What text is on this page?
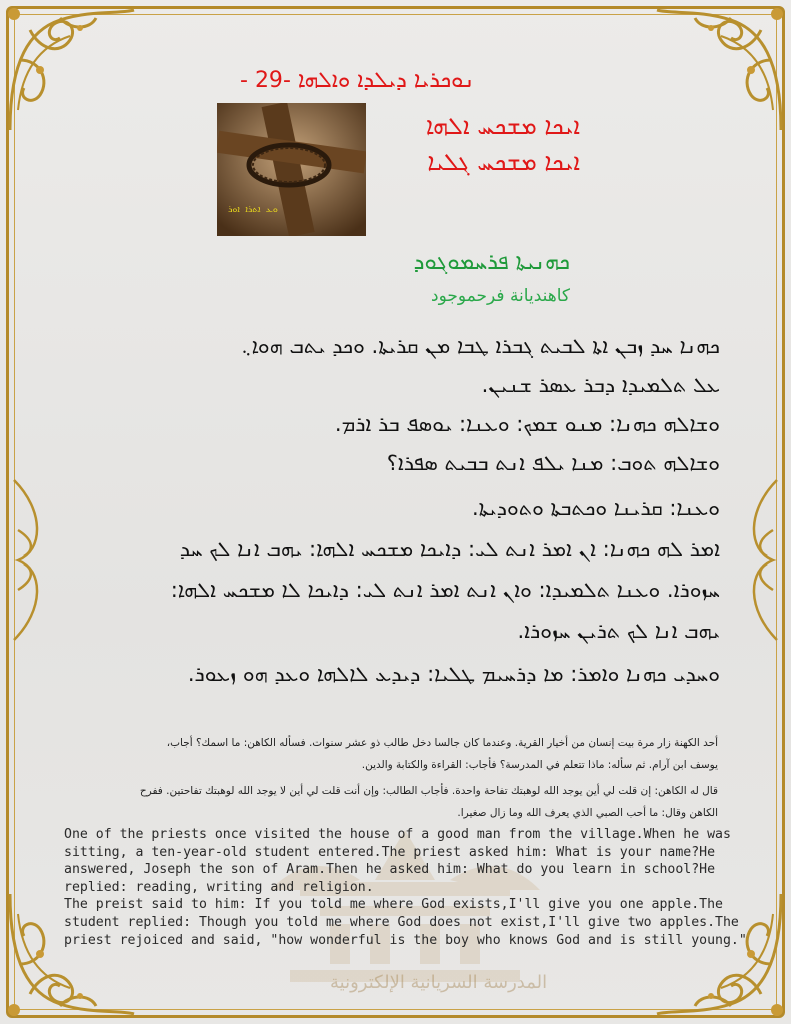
المدرسة السريانية الإلكترونية
ܢܘܟܪܝܐ ܕܝܠܕܐ ܘܐܠܗܐ -29 -
ܐܝܟܐ ܡܫܟܚ ܐܠܗܐ
ܐܝܟܐ ܡܫܟܚ ܓܠܝܐ
ܘܥ ܐܬܪܐ ܐܘܪ
ܟܗܢܝܬܐ ܦܪܚܡܘܓܘܕ
كاهنديانة فرحموجود
ܟܗܢܐ ܚܕ ܙܒܢ ܐܬܐ ܠܒܝܬ ܓܒܪܐ ܛܒܐ ܡܢ ܩܪܝܬܐ. ܘܟܕ ܝܬܒ ܗܘܐ܆
ܥܠ ܬܠܡܝܕܐ ܕܒܪ ܥܣܪ ܫܢܝܢ.
ܘܫܐܠܗ ܟܗܢܐ: ܡܢܘ ܫܡܟ: ܘܥܢܐ: ܝܘܣܦ ܒܪ ܐܪܡ.
ܘܫܐܠܗ ܬܘܒ: ܡܢܐ ܝܠܦ ܐܢܬ ܒܒܝܬ ܣܦܪܐ؟
ܘܥܢܐ: ܩܪܝܢܐ ܘܟܬܒܬܐ ܘܬܘܕܝܬܐ.
ܐܡܪ ܠܗ ܟܗܢܐ: ܐܢ ܐܡܪ ܐܢܬ ܠܝ: ܕܐܝܟܐ ܡܫܟܚ ܐܠܗܐ: ܝܗܒ ܐܢܐ ܠܟ ܚܕ
ܚܙܘܪܐ. ܘܥܢܐ ܬܠܡܝܕܐ: ܘܐܢ ܐܢܬ ܐܡܪ ܐܢܬ ܠܝ: ܕܐܝܟܐ ܠܐ ܡܫܟܚ ܐܠܗܐ:
ܝܗܒ ܐܢܐ ܠܟ ܬܪܝܢ ܚܙܘܪܐ.
ܘܚܕܝ ܟܗܢܐ ܘܐܡܪ: ܡܐ ܕܪܚܝܡ ܛܠܝܐ: ܕܝܕܥ ܠܐܠܗܐ ܘܥܕ ܗܘ ܙܥܘܪ.
أحد الكهنة زار مرة بيت إنسان من أخيار القرية. وعندما كان جالسا دخل طالب ذو عشر سنوات. فسأله الكاهن: ما اسمك؟ أجاب،
يوسف ابن آرام. ثم سأله: ماذا تتعلم في المدرسة؟ فأجاب: القراءة والكتابة والدين.
قال له الكاهن: إن قلت لي أين يوجد الله لوهبتك تفاحة واحدة. فأجاب الطالب: وإن أنت قلت لي أين لا يوجد الله لوهبتك تفاحتين. ففرح
الكاهن وقال: ما أحب الصبي الذي يعرف الله وما زال صغيرا.

One of the priests once visited the house of a good man from the village.When he was sitting, a ten-year-old student entered.The priest asked him: What is your name?He answered, Joseph the son of Aram.Then he asked him: What do you learn in school?He replied: reading, writing and religion.

The preist said to him: If you told me where God exists,I'll give you one apple.The student replied: Though you told me where God does not exist,I'll give two apples.The priest rejoiced and said, "how wonderful is the boy who knows God and is still young."
